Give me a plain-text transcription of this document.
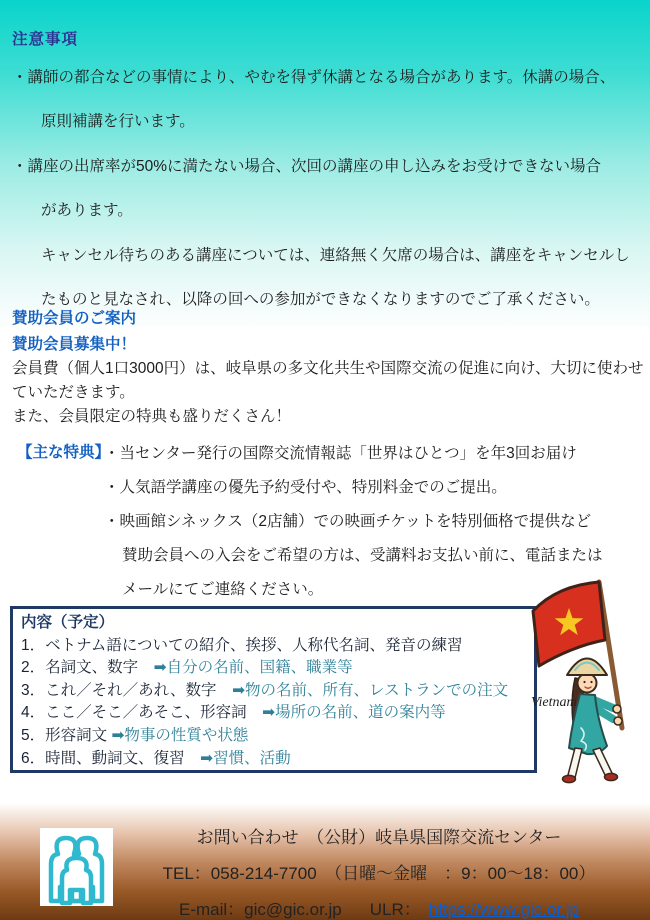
注意事項
・講師の都合などの事情により、やむを得ず休講となる場合があります。休講の場合、
原則補講を行います。
・講座の出席率が50%に満たない場合、次回の講座の申し込みをお受けできない場合
があります。
キャンセル待ちのある講座については、連絡無く欠席の場合は、講座をキャンセルし
たものと見なされ、以降の回への参加ができなくなりますのでご了承ください。
賛助会員のご案内
賛助会員募集中！
会員費（個人1口3000円）は、岐阜県の多文化共生や国際交流の促進に向け、大切に使わせていただきます。
また、会員限定の特典も盛りだくさん！
【主な特典】
・当センター発行の国際交流情報誌「世界はひとつ」を年3回お届け
・人気語学講座の優先予約受付や、特別料金でのご提出。
・映画館シネックス（2店舗）での映画チケットを特別価格で提供など
賛助会員への入会をご希望の方は、受講料お支払い前に、電話または
メールにてご連絡ください。
内容（予定）
1．ベトナム語についての紹介、挨拶、人称代名詞、発音の練習
2．名詞文、数字　➡自分の名前、国籍、職業等
3．これ／それ／あれ、数字　➡物の名前、所有、レストランでの注文
4．ここ／そこ／あそこ、形容詞　➡場所の名前、道の案内等
5．形容詞文 ➡物事の性質や状態
6．時間、動詞文、復習　➡習慣、活動
Vietnam
お問い合わせ　（公財）岐阜県国際交流センター
TEL：058-214-7700　（日曜～金曜　：9：00～18：00）
E-mail：gic@gic.or.jp ULR： https://www.gic.or.jp
